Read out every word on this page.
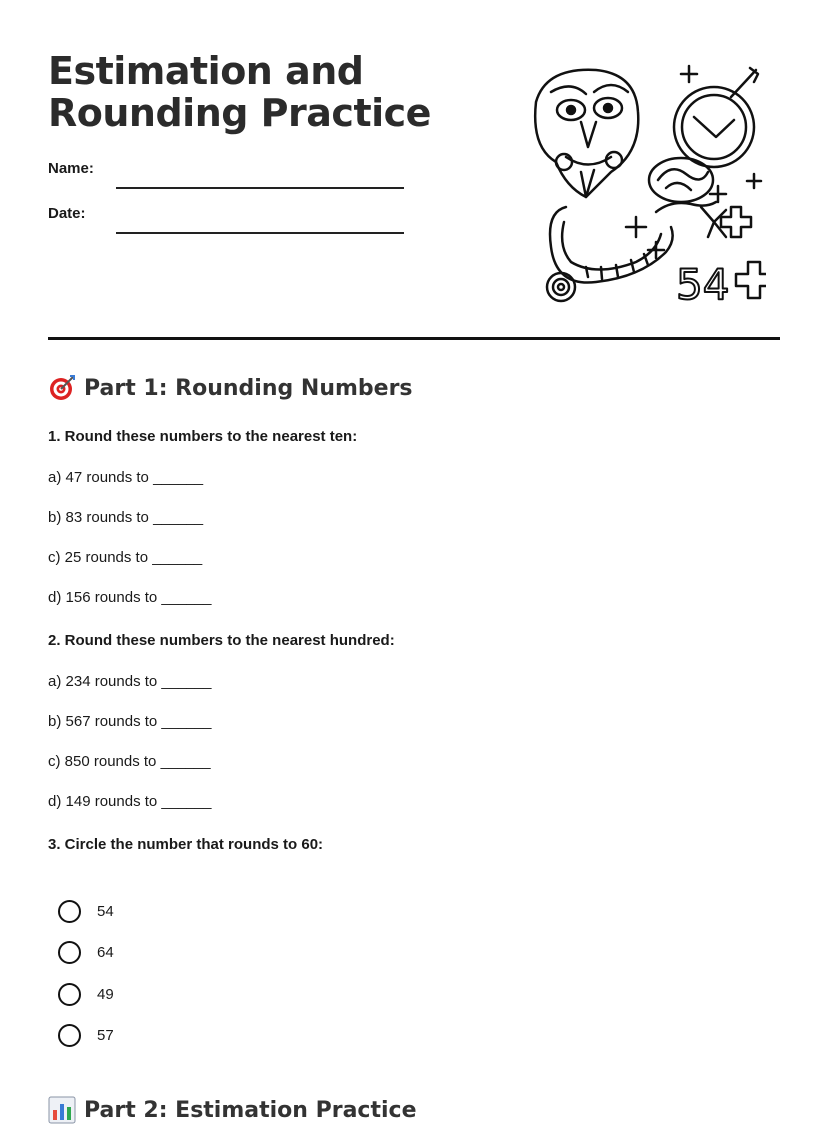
Estimation and Rounding Practice
Name:
Date:
54
Part 1: Rounding Numbers
1. Round these numbers to the nearest ten:
a) 47 rounds to ______
b) 83 rounds to ______
c) 25 rounds to ______
d) 156 rounds to ______
2. Round these numbers to the nearest hundred:
a) 234 rounds to ______
b) 567 rounds to ______
c) 850 rounds to ______
d) 149 rounds to ______
3. Circle the number that rounds to 60:
54
64
49
57
Part 2: Estimation Practice
